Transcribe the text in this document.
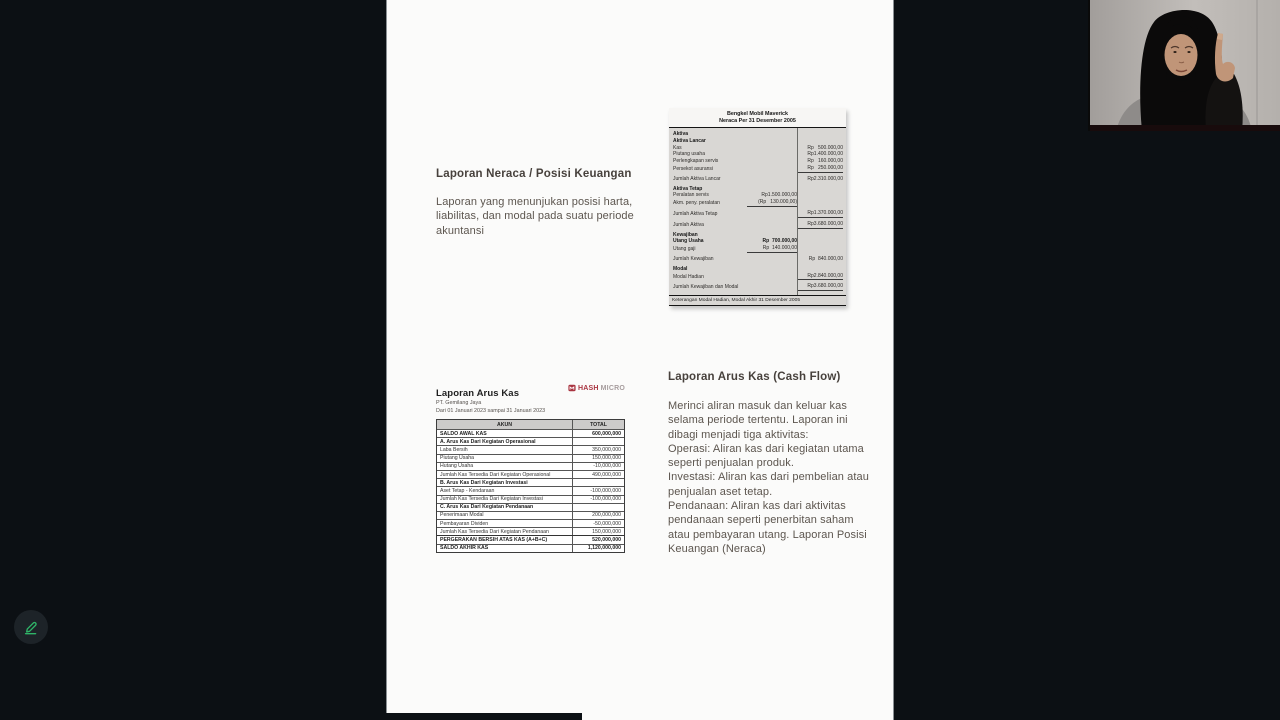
Laporan Neraca / Posisi Keuangan
Laporan yang menunjukan posisi harta,
liabilitas, dan modal pada suatu periode
akuntansi
Bengkel Mobil Maverick
Neraca Per 31 Desember 2005
Aktiva
Aktiva Lancar
Kas	Rp   500.000,00
Piutang usaha	Rp1.400.000,00
Perlengkapan servis	Rp   160.000,00
Persekot asuransi	Rp   250.000,00
Jumlah Aktiva Lancar	Rp2.310.000,00
Aktiva Tetap
Peralatan servis	Rp1.500.000,00
Akm. peny. peralatan	(Rp   130.000,00)
Jumlah Aktiva Tetap	Rp1.370.000,00
Jumlah Aktiva	Rp3.680.000,00
Kewajiban
Utang Usaha	Rp  700.000,00
Utang gaji	Rp  140.000,00
Jumlah Kewajiban	Rp  840.000,00
Modal
Modal Hadian	Rp2.840.000,00
Jumlah Kewajiban dan Modal	Rp3.680.000,00
Keterangan Modal Hadian, Modal Akhir 31 Desember 2005
Laporan Arus Kas	HASH MICRO
PT. Gemilang Jaya
Dari 01 Januari 2023 sampai 31 Januari 2023
AKUN	TOTAL
SALDO AWAL KAS	600,000,000
A. Arus Kas Dari Kegiatan Operasional
Laba Bersih	350,000,000
Piutang Usaha	150,000,000
Hutang Usaha	-10,000,000
Jumlah Kas Tersedia Dari Kegiatan Operasional	490,000,000
B. Arus Kas Dari Kegiatan Investasi
Aset Tetap - Kendaraan	-100,000,000
Jumlah Kas Tersedia Dari Kegiatan Investasi	-100,000,000
C. Arus Kas Dari Kegiatan Pendanaan
Penerimaan Modal	200,000,000
Pembayaran Dividen	-50,000,000
Jumlah Kas Tersedia Dari Kegiatan Pendanaan	150,000,000
PERGERAKAN BERSIH ATAS KAS (A+B+C)	520,000,000
SALDO AKHIR KAS	1,120,000,000
Laporan Arus Kas (Cash Flow)
Merinci aliran masuk dan keluar kas
selama periode tertentu. Laporan ini
dibagi menjadi tiga aktivitas:
Operasi: Aliran kas dari kegiatan utama
seperti penjualan produk.
Investasi: Aliran kas dari pembelian atau
penjualan aset tetap.
Pendanaan: Aliran kas dari aktivitas
pendanaan seperti penerbitan saham
atau pembayaran utang. Laporan Posisi
Keuangan (Neraca)
